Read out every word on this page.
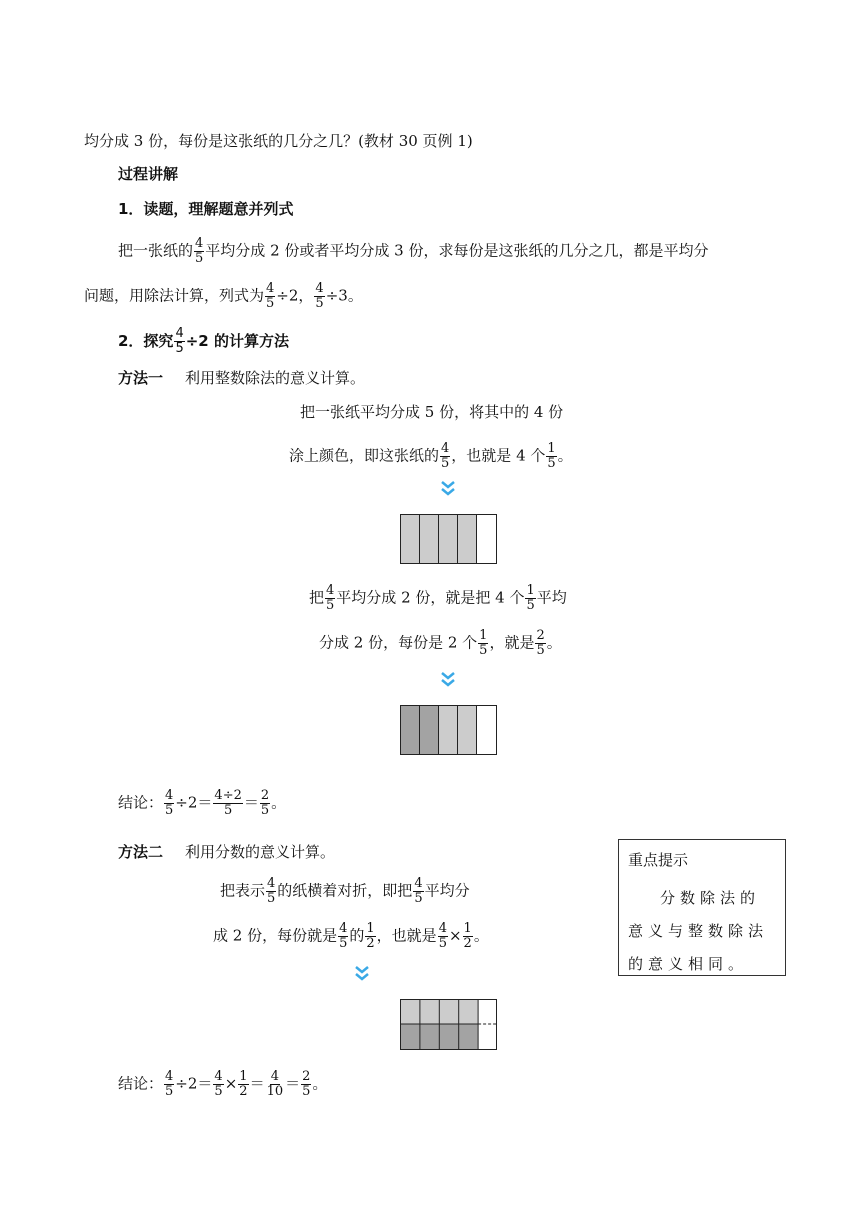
均分成 3 份，每份是这张纸的几分之几？(教材 30 页例 1)
过程讲解
1．读题，理解题意并列式
把一张纸的 $\frac{4}{5}$ 平均分成 2 份或者平均分成 3 份，求每份是这张纸的几分之几，都是平均分
问题，用除法计算，列式为 $\frac{4}{5} \div 2$， $\frac{4}{5} \div 3$。
2．探究 $\frac{4}{5} \div 2$ 的计算方法
方法一 利用整数除法的意义计算。
把一张纸平均分成 5 份，将其中的 4 份
涂上颜色，即这张纸的 $\frac{4}{5}$ ，也就是 4 个 $\frac{1}{5}$ 。
把 $\frac{4}{5}$ 平均分成 2 份，就是把 4 个 $\frac{1}{5}$ 平均
分成 2 份，每份是 2 个 $\frac{1}{5}$ ，就是 $\frac{2}{5}$ 。
结论： $\frac{4}{5} \div 2= \frac{4\div 2}{5} = \frac{2}{5}$ 。
方法二 利用分数的意义计算。
把表示 $\frac{4}{5}$ 的纸横着对折，即把 $\frac{4}{5}$ 平均分
成 2 份，每份就是 $\frac{4}{5}$ 的 $\frac{1}{2}$ ，也就是 $\frac{4}{5} \times \frac{1}{2}$ 。
结论： $\frac{4}{5} \div 2= \frac{4}{5} \times \frac{1}{2} = \frac{4}{10} = \frac{2}{5}$ 。
重点提示
分数除法的意义与整数除法的意义相同。
